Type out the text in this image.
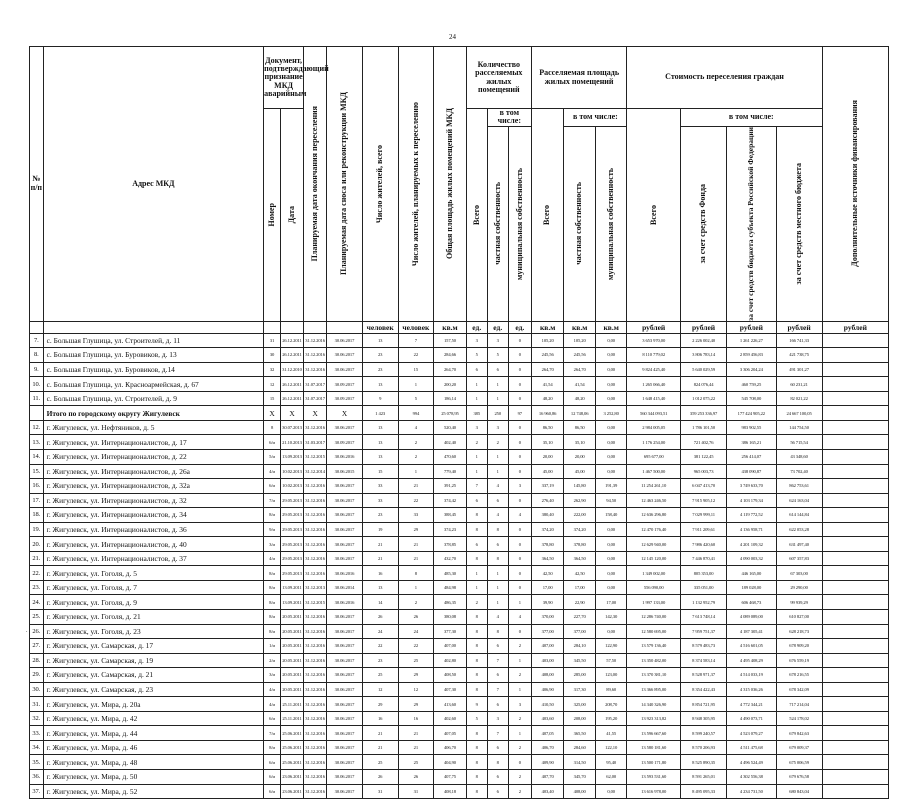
24
№ п/п	Адрес МКД	Документ, подтверждающий признание МКД аварийным		Планируемая дата окончания переселения	Планируемая дата сноса или реконструкции МКД	Число жителей, всего	Число жителей, планируемых к переселению	Общая площадь жилых помещений МКД	Количество расселяемых жилых помещений			Расселяемая площадь жилых помещений			Стоимость переселения граждан				Дополнительные источники финансирования

		Номер	Дата						Всего	в том числе:		Всего	в том числе:		Всего	в том числе:			

										частная собственность	муниципальная собственность		частная собственность	муниципальная собственность		за счет средств Фонда	за счет средств бюджета субъекта Российской Федерации	за счет средств местного бюджета	

						человек	человек	кв.м	ед.	ед.	ед.	кв.м	кв.м	кв.м	рублей	рублей	рублей	рублей	рублей
7.	с. Большая Глушица, ул. Строителей, д. 11	31	26.12.2011	31.12.2016	30.06.2017	13	7	157,50	3	3	0	105,20	105,20	0,00	3 653 970,00	2 226 002,40	1 261 226,27	166 741,33	
8.	с. Большая Глушица, ул. Буровиков, д. 13	30	26.12.2011	31.12.2016	30.06.2017	23	22	284,66	5	5	0	245,56	245,56	0,00	8 110 779,02	3 806 783,14	2 859 456,83	421 738,75	
9.	с. Большая Глушица, ул. Буровиков, д.14	32	31.12.2010	31.12.2016	30.06.2017	23	15	264,70	6	6	0	264,70	264,70	0,00	9 824 425,40	5 640 029,59	3 306 204,24	491 301,27	
10.	с. Большая Глушица, ул. Красноармейская, д. 67	12	26.12.2011	31.07.2017	30.09.2017	13	1	200,20	1	1	0	41,54	41,54	0,00	1 265 066,40	824 076,44	460 759,25	60 231,21	
11.	с. Большая Глушица, ул. Строителей, д. 9	15	26.12.2011	31.07.2017	30.09.2017	9	5	186,14	1	1	0	48,20	48,20	0,00	1 648 415,40	1 012 075,22	545 708,00	82 021,22	
	Итого по городскому округу Жигулевск	X	X	X	X	1 423	994	25 078,95	385	250	97	16 960,86	12 748,06	3 252,80	560 344 093,51	359 253 336,97	177 424 905,22	24 667 100,05	
12.	г. Жигулевск, ул. Нефтяников, д. 5	8	30.07.2013	31.12.2016	30.06.2017	13	4	520,40	3	3	0	86,50	86,50	0,00	2 984 005,05	1 786 101,50	983 902,55	144 754,50	
13.	г. Жигулевск, ул. Интернационалистов, д. 17	6/и	21.10.2013	31.03.2017	30.09.2017	13	2	402,40	2	2	0	35,10	35,10	0,00	1 176 254,00	721 402,76	386 165,21	56 715,54	
14.	г. Жигулевск, ул. Интернационалистов, д. 22	5/и	13.09.2013	31.12.2015	30.06.2016	13	2	470,60	1	1	0	20,00	20,00	0,00	695 677,00	381 122,45	256 414,07	43 348,60	
15.	г. Жигулевск, ул. Интернационалистов, д. 26а	4/и	10.02.2013	31.12.2014	30.06.2015	15	1	779,40	1	1	0	45,00	45,00	0,00	1 467 500,00	965 003,73	438 090,87	73 702,40	
16.	г. Жигулевск, ул. Интернационалистов, д. 32а	6/и	10.02.2013	31.12.2016	30.06.2017	33	21	391,25	7	4	3	337,19	145,80	191,39	11 254 261,10	6 047 413,70	3 749 633,70	862 753,61	
17.	г. Жигулевск, ул. Интернационалистов, д. 32	7/и	29.05.2013	31.12.2016	30.06.2017	33	22	374,42	6	6	0	276,40	262,90	94,50	12 463 246,50	7 915 905,12	4 103 179,34	624 163,04	
18.	г. Жигулевск, ул. Интернационалистов, д. 34	8/и	29.05.2013	31.12.2016	30.06.2017	23	33	388,45	8	4	4	380,40	222,00	158,40	12 636 296,80	7 029 999,11	4 119 772,52	614 144,84	
19.	г. Жигулевск, ул. Интернационалистов, д. 36	9/и	29.05.2013	31.12.2016	30.06.2017	19	29	374,23	8	8	0	374,20	374,20	0,00	12 470 176,40	7 911 209,61	4 136 958,71	622 053,28	
20.	г. Жигулевск, ул. Интернационалистов, д. 40	3/и	29.05.2013	31.12.2016	30.06.2017	21	21	378,85	6	6	0	378,80	378,80	0,00	12 629 940,00	7 986 420,60	4 201 109,32	631 497,40	
21.	г. Жигулевск, ул. Интернационалистов, д. 37	4/и	29.05.2013	31.12.2016	30.06.2017	21	21	432,70	8	8	0	364,50	364,50	0,00	12 145 120,00	7 446 870,41	4 090 003,32	607 357,83	
22.	г. Жигулевск, ул. Гоголя, д. 5	8/и	29.05.2013	31.12.2016	30.06.2016	16	8	485,30	1	1	0	42,50	42,50	0,00	1 349 002,00	805 353,00	446 165,00	67 303,00	
23.	г. Жигулевск, ул. Гоголя, д. 7	8/и	13.09.2011	31.12.2013	30.06.2014	13	1	484,98	1	1	0	17,00	17,00	0,00	556 090,00	335 051,00	189 028,00	29 290,00	
24.	г. Жигулевск, ул. Гоголя, д. 9	8/и	13.09.2011	31.12.2015	30.06.2016	14	2	486,35	2	1	1	39,90	22,90	17,00	1 997 133,00	1 132 952,79	606 468,73	99 939,29	
25.	г. Жигулевск, ул. Гоголя, д. 21	8/и	20.05.2011	31.12.2016	30.06.2017	26	26	380,08	8	4	4	370,00	227,70	142,30	12 286 740,00	7 613 748,14	4 089 089,00	610 827,00	
26.	г. Жигулевск, ул. Гоголя, д. 23	8/и	20.05.2011	31.12.2016	30.06.2017	24	24	377,30	8	8	0	377,00	377,00	0,00	12 580 695,00	7 959 751,37	4 187 305,41	628 218,73	
27.	г. Жигулевск, ул. Самарская, д. 17	1/и	20.05.2011	31.12.2016	30.06.2017	22	22	407,00	8	6	2	407,00	284,10	122,90	13 579 136,40	8 579 483,73	4 516 601,05	678 909,20	
28.	г. Жигулевск, ул. Самарская, д. 19	2/и	20.05.2011	31.12.2016	30.06.2017	23	25	402,80	8	7	1	403,00	345,50	57,50	13 350 482,00	8 374 583,14	4 495 408,29	676 559,19	
29.	г. Жигулевск, ул. Самарская, д. 21	3/и	20.05.2011	31.12.2016	30.06.2017	25	29	408,50	8	6	2	408,00	285,00	123,00	13 370 381,10	8 528 971,37	4 514 033,19	678 216,55	
30.	г. Жигулевск, ул. Самарская, д. 23	4/и	20.05.2011	31.12.2016	30.06.2017	12	12	407,30	8	7	1	406,90	317,30	89,60	13 366 895,00	8 354 422,43	4 315 036,26	678 342,09	
31.	г. Жигулевск, ул. Мира, д. 20а	4/и	25.11.2011	31.12.2016	30.06.2017	29	29	413,60	9	6	3	410,50	325,00	208,70	14 340 326,90	8 854 721,95	4 772 344,21	717 214,04	
32.	г. Жигулевск, ул. Мира, д. 42	6/и	25.11.2011	31.12.2016	30.06.2017	16	16	402,60	5	3	2	403,60	208,00	195,20	13 923 313,82	8 948 305,95	4 490 073,71	524 178,02	
33.	г. Жигулевск, ул. Мира, д. 44	7/и	25.06.2011	31.12.2016	30.06.2017	21	21	407,05	8	7	1	407,05	365,50	41,55	13 596 667,60	8 599 240,57	4 523 079,27	679 842,63	
34.	г. Жигулевск, ул. Мира, д. 46	8/и	25.06.2011	31.12.2016	30.06.2017	21	21	406,70	8	6	2	406,70	284,60	122,10	13 580 181,60	8 570 206,93	4 511 475,68	679 009,37	
35.	г. Жигулевск, ул. Мира, д. 48	6/и	25.06.2011	31.12.2016	30.06.2017	25	25	404,90	8	8	0	409,90	314,50	95,40	13 500 171,80	8 525 890,35	4 496 524,49	675 006,59	
36.	г. Жигулевск, ул. Мира, д. 50	6/и	23.06.2011	31.12.2016	30.06.2017	26	26	407,75	8	6	2	407,70	345,70	62,00	13 593 531,60	8 591 265,01	4 302 556,38	679 676,58	
37.	г. Жигулевск, ул. Мира, д. 52	6/и	23.06.2011	31.12.2016	30.06.2017	31	31	408,18	8	6	2	403,40	408,00	0,00	13 616 978,00	8 495 095,33	4 234 731,50	680 843,04	
.
